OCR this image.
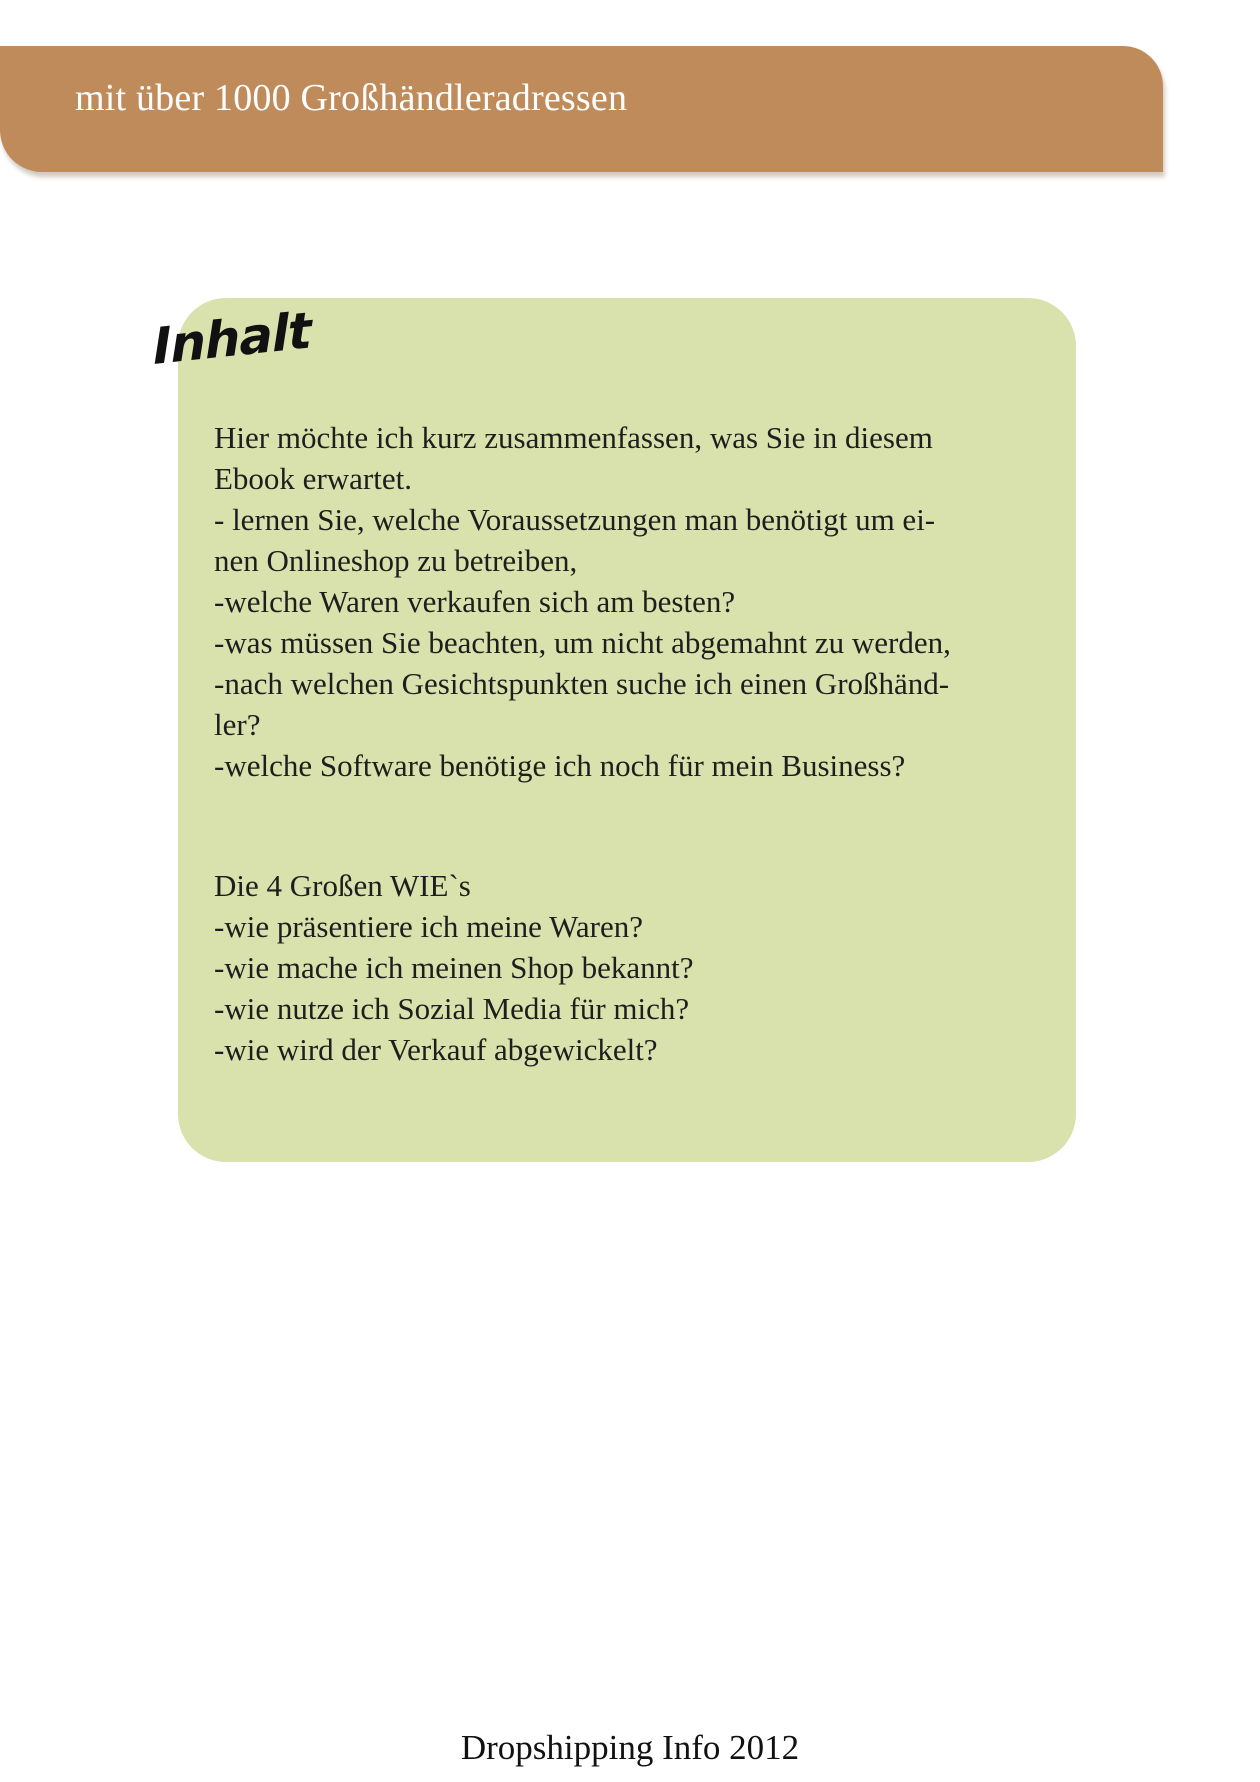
mit über 1000 Großhändleradressen
Inhalt
Hier möchte ich kurz zusammenfassen, was Sie in diesem
Ebook erwartet.
- lernen Sie, welche Voraussetzungen man benötigt um ei-
nen Onlineshop zu betreiben,
-welche Waren verkaufen sich am besten?
-was müssen Sie beachten, um nicht abgemahnt zu werden,
-nach welchen Gesichtspunkten suche ich einen Großhänd-
ler?
-welche Software benötige ich noch für mein Business?
Die 4 Großen WIE`s
-wie präsentiere ich meine Waren?
-wie mache ich meinen Shop bekannt?
-wie nutze ich Sozial Media für mich?
-wie wird der Verkauf abgewickelt?
Dropshipping Info 2012
